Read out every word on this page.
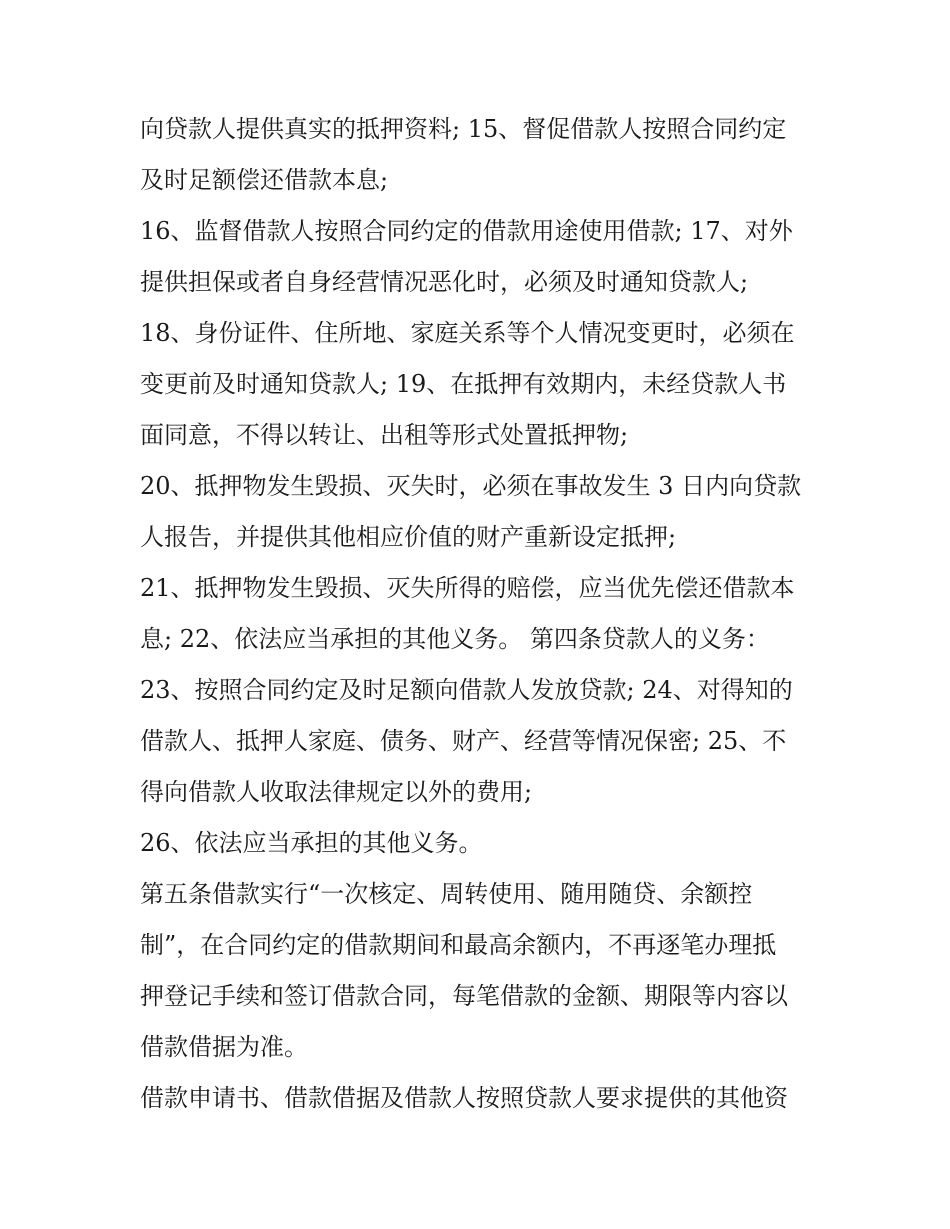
向贷款人提供真实的抵押资料; 15、督促借款人按照合同约定

及时足额偿还借款本息;

16、监督借款人按照合同约定的借款用途使用借款; 17、对外

提供担保或者自身经营情况恶化时，必须及时通知贷款人;

18、身份证件、住所地、家庭关系等个人情况变更时，必须在

变更前及时通知贷款人; 19、在抵押有效期内，未经贷款人书

面同意，不得以转让、出租等形式处置抵押物;

20、抵押物发生毁损、灭失时，必须在事故发生 3 日内向贷款

人报告，并提供其他相应价值的财产重新设定抵押;

21、抵押物发生毁损、灭失所得的赔偿，应当优先偿还借款本

息; 22、依法应当承担的其他义务。 第四条贷款人的义务：

23、按照合同约定及时足额向借款人发放贷款; 24、对得知的

借款人、抵押人家庭、债务、财产、经营等情况保密; 25、不

得向借款人收取法律规定以外的费用;

26、依法应当承担的其他义务。

第五条借款实行“一次核定、周转使用、随用随贷、余额控

制”，在合同约定的借款期间和最高余额内，不再逐笔办理抵

押登记手续和签订借款合同，每笔借款的金额、期限等内容以

借款借据为准。

借款申请书、借款借据及借款人按照贷款人要求提供的其他资
